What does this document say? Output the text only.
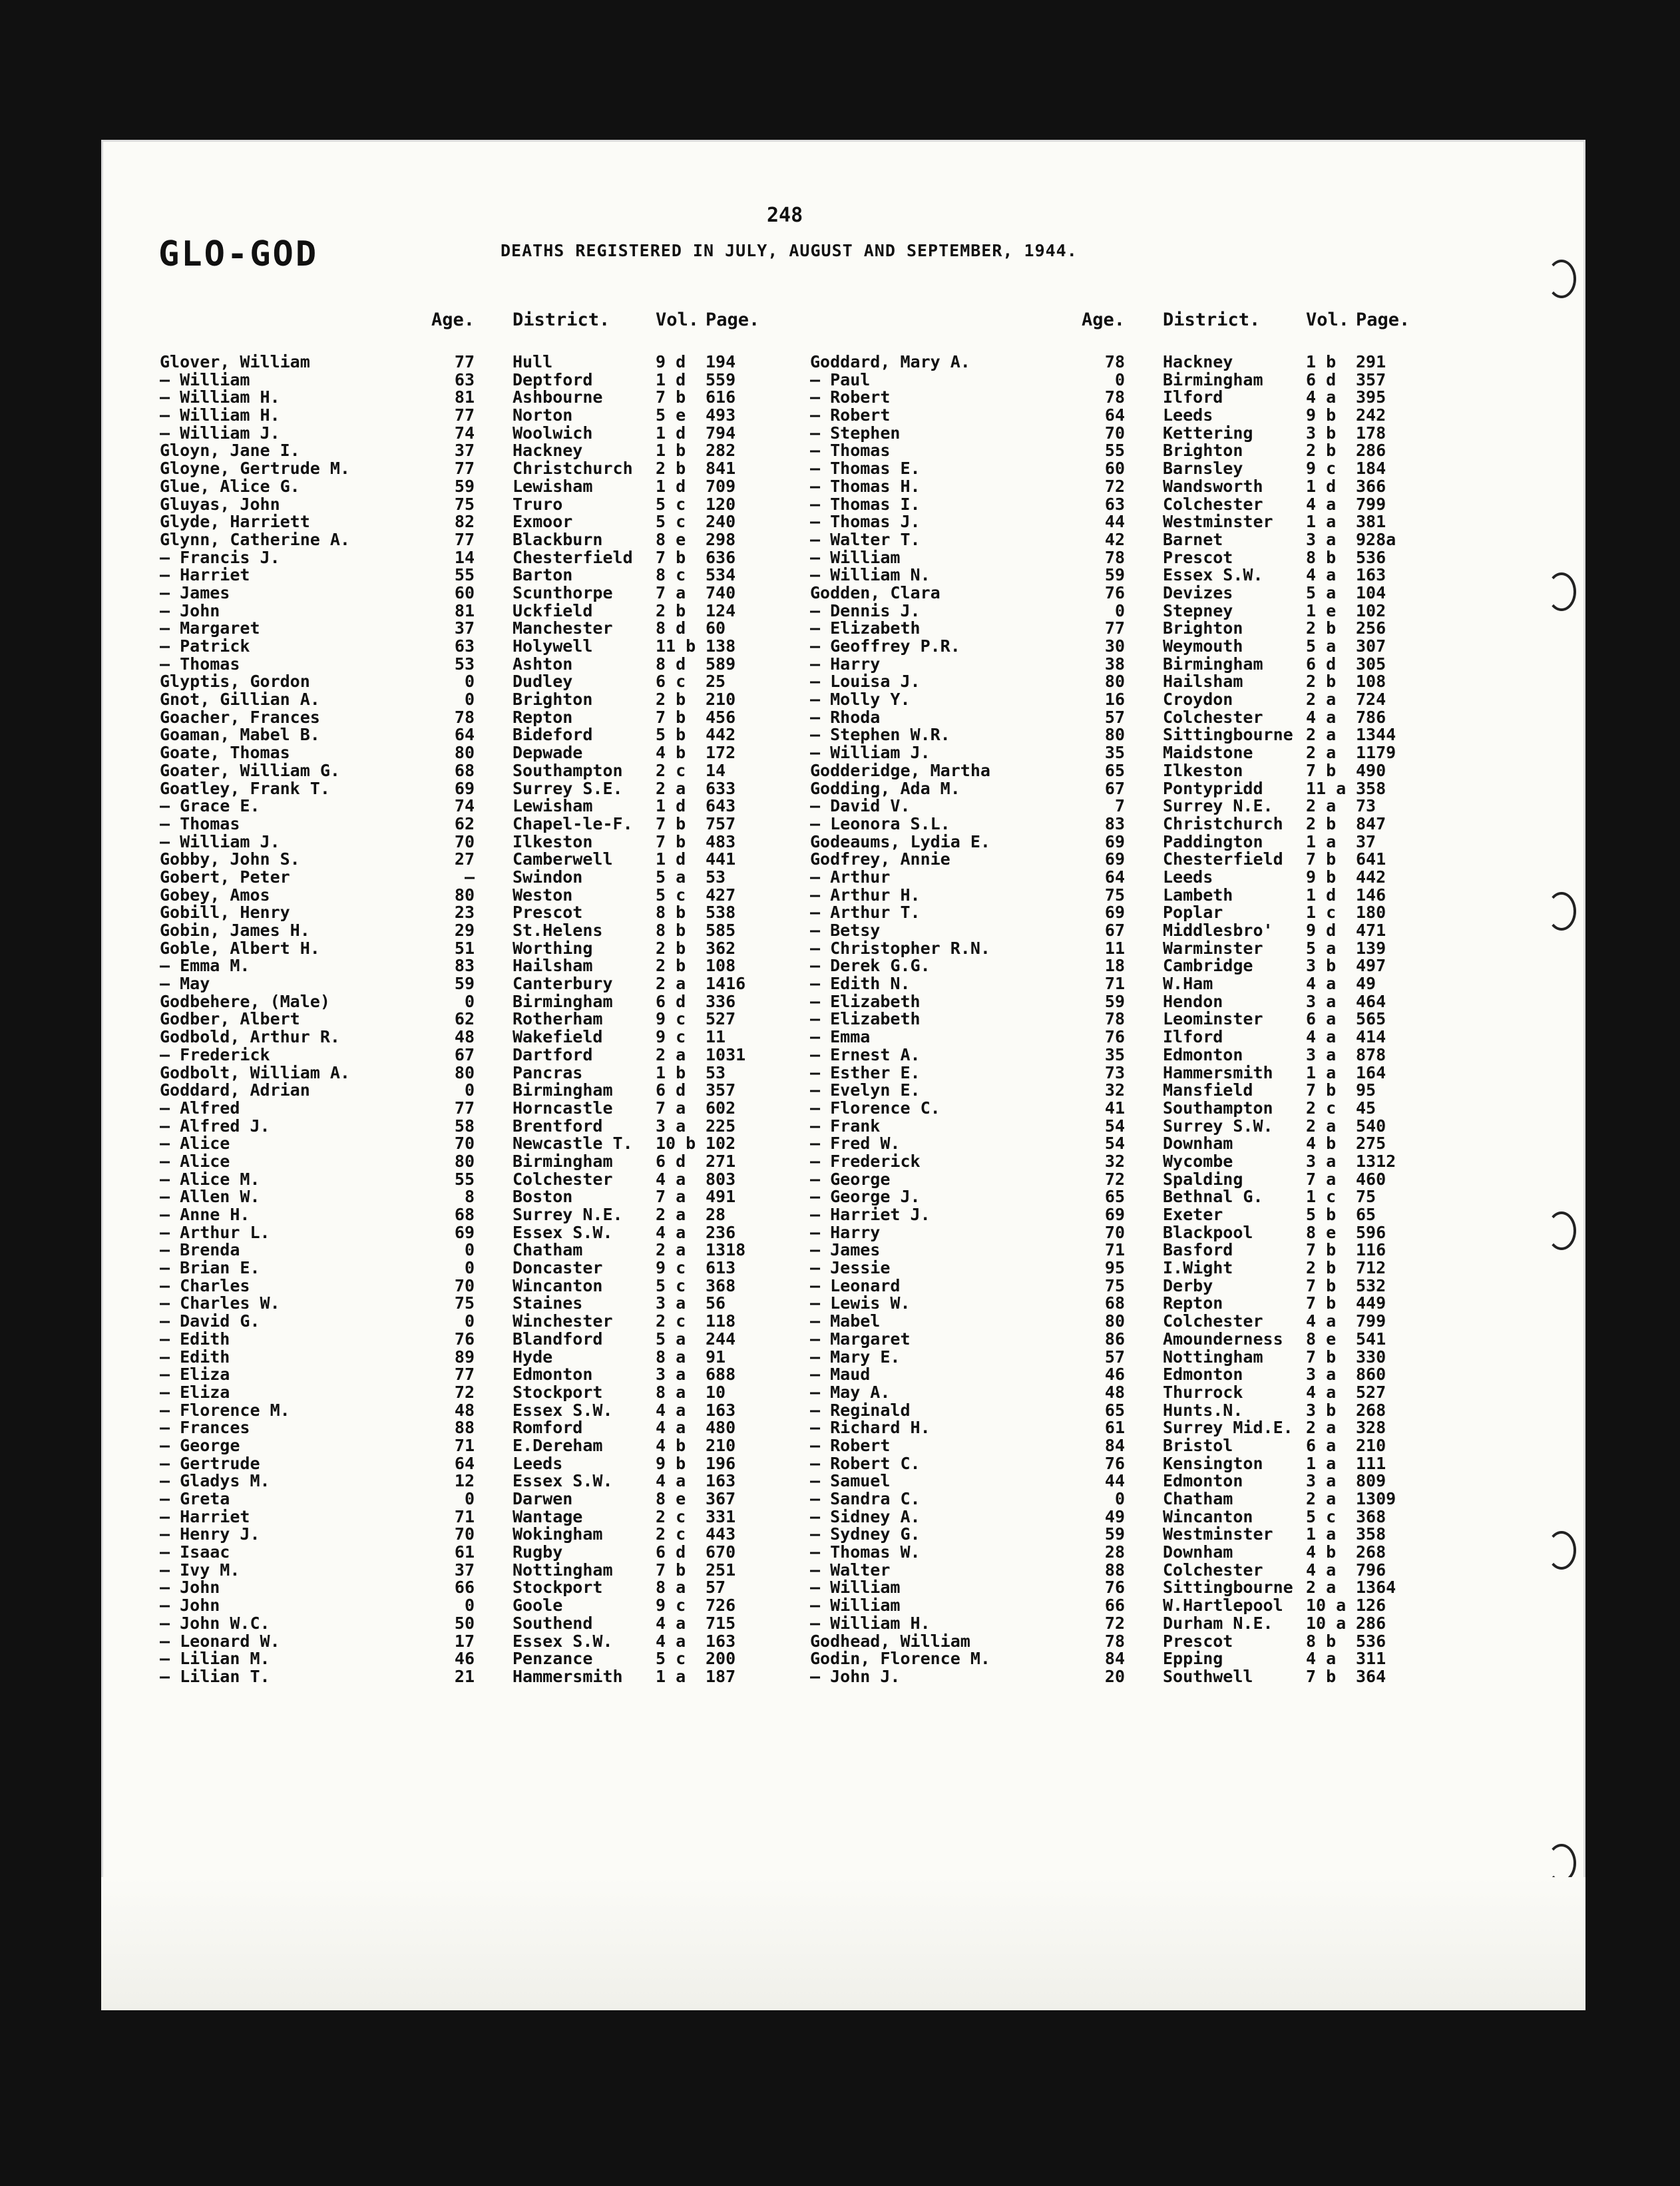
248
GLO-GOD	DEATHS REGISTERED IN JULY, AUGUST AND SEPTEMBER, 1944.
Age. District.	Vol. Page.
Glover, William	77 Hull	9 d	194
— William	63 Deptford	1 d	559
— William H.	81 Ashbourne	7 b	616
— William H.	77 Norton	5 e	493
— William J.	74 Woolwich	1 d	794
Gloyn, Jane I.	37 Hackney	1 b	282
Gloyne, Gertrude M.	77 Christchurch 2 b	841
Glue, Alice G.	59 Lewisham	1 d	709
Gluyas, John	75 Truro	5 c	120
Glyde, Harriett	82 Exmoor	5 c	240
Glynn, Catherine A.	77 Blackburn	8 e	298
— Francis J.	14 Chesterfield 7 b	636
— Harriet	55 Barton	8 c	534
— James	60 Scunthorpe	7 a	740
— John	81 Uckfield	2 b	124
— Margaret	37 Manchester	8 d	60
— Patrick	63 Holywell	11 b 138
— Thomas	53 Ashton	8 d	589
Glyptis, Gordon	0 Dudley	6 c	25
Gnot, Gillian A.	0 Brighton	2 b	210
Goacher, Frances	78 Repton	7 b	456
Goaman, Mabel B.	64 Bideford	5 b	442
Goate, Thomas	80 Depwade	4 b	172
Goater, William G.	68 Southampton 2 c	14
Goatley, Frank T.	69 Surrey S.E. 2 a	633
— Grace E.	74 Lewisham	1 d	643
— Thomas	62 Chapel-le-F. 7 b	757
— William J.	70 Ilkeston	7 b	483
Gobby, John S.	27 Camberwell	1 d	441
Gobert, Peter	— Swindon	5 a	53
Gobey, Amos	80 Weston	5 c	427
Gobill, Henry	23 Prescot	8 b	538
Gobin, James H.	29 St.Helens	8 b	585
Goble, Albert H.	51 Worthing	2 b	362
— Emma M.	83 Hailsham	2 b	108
— May	59 Canterbury	2 a	1416
Godbehere, (Male)	0 Birmingham	6 d	336
Godber, Albert	62 Rotherham	9 c	527
Godbold, Arthur R.	48 Wakefield	9 c	11
— Frederick	67 Dartford	2 a	1031
Godbolt, William A.	80 Pancras	1 b	53
Goddard, Adrian	0 Birmingham	6 d	357
— Alfred	77 Horncastle	7 a	602
— Alfred J.	58 Brentford	3 a	225
— Alice	70 Newcastle T. 10 b 102
— Alice	80 Birmingham	6 d	271
— Alice M.	55 Colchester	4 a	803
— Allen W.	8 Boston	7 a	491
— Anne H.	68 Surrey N.E. 2 a	28
— Arthur L.	69 Essex S.W.	4 a	236
— Brenda	0 Chatham	2 a	1318
— Brian E.	0 Doncaster	9 c	613
— Charles	70 Wincanton	5 c	368
— Charles W.	75 Staines	3 a	56
— David G.	0 Winchester	2 c	118
— Edith	76 Blandford	5 a	244
— Edith	89 Hyde	8 a	91
— Eliza	77 Edmonton	3 a	688
— Eliza	72 Stockport	8 a	10
— Florence M.	48 Essex S.W.	4 a	163
— Frances	88 Romford	4 a	480
— George	71 E.Dereham	4 b	210
— Gertrude	64 Leeds	9 b	196
— Gladys M.	12 Essex S.W.	4 a	163
— Greta	0 Darwen	8 e	367
— Harriet	71 Wantage	2 c	331
— Henry J.	70 Wokingham	2 c	443
— Isaac	61 Rugby	6 d	670
— Ivy M.	37 Nottingham	7 b	251
— John	66 Stockport	8 a	57
— John	0 Goole	9 c	726
— John W.C.	50 Southend	4 a	715
— Leonard W.	17 Essex S.W.	4 a	163
— Lilian M.	46 Penzance	5 c	200
— Lilian T.	21 Hammersmith 1 a	187
Age. District.	Vol. Page.
Goddard, Mary A.	78 Hackney	1 b	291
— Paul	0 Birmingham	6 d	357
— Robert	78 Ilford	4 a	395
— Robert	64 Leeds	9 b	242
— Stephen	70 Kettering	3 b	178
— Thomas	55 Brighton	2 b	286
— Thomas E.	60 Barnsley	9 c	184
— Thomas H.	72 Wandsworth	1 d	366
— Thomas I.	63 Colchester	4 a	799
— Thomas J.	44 Westminster 1 a	381
— Walter T.	42 Barnet	3 a	928a
— William	78 Prescot	8 b	536
— William N.	59 Essex S.W.	4 a	163
Godden, Clara	76 Devizes	5 a	104
— Dennis J.	0 Stepney	1 e	102
— Elizabeth	77 Brighton	2 b	256
— Geoffrey P.R.	30 Weymouth	5 a	307
— Harry	38 Birmingham	6 d	305
— Louisa J.	80 Hailsham	2 b	108
— Molly Y.	16 Croydon	2 a	724
— Rhoda	57 Colchester	4 a	786
— Stephen W.R.	80 Sittingbourne 2 a	1344
— William J.	35 Maidstone	2 a	1179
Godderidge, Martha	65 Ilkeston	7 b	490
Godding, Ada M.	67 Pontypridd	11 a 358
— David V.	7 Surrey N.E. 2 a	73
— Leonora S.L.	83 Christchurch 2 b	847
Godeaums, Lydia E.	69 Paddington	1 a	37
Godfrey, Annie	69 Chesterfield 7 b	641
— Arthur	64 Leeds	9 b	442
— Arthur H.	75 Lambeth	1 d	146
— Arthur T.	69 Poplar	1 c	180
— Betsy	67 Middlesbro' 9 d	471
— Christopher R.N.	11 Warminster	5 a	139
— Derek G.G.	18 Cambridge	3 b	497
— Edith N.	71 W.Ham	4 a	49
— Elizabeth	59 Hendon	3 a	464
— Elizabeth	78 Leominster	6 a	565
— Emma	76 Ilford	4 a	414
— Ernest A.	35 Edmonton	3 a	878
— Esther E.	73 Hammersmith 1 a	164
— Evelyn E.	32 Mansfield	7 b	95
— Florence C.	41 Southampton 2 c	45
— Frank	54 Surrey S.W. 2 a	540
— Fred W.	54 Downham	4 b	275
— Frederick	32 Wycombe	3 a	1312
— George	72 Spalding	7 a	460
— George J.	65 Bethnal G.	1 c	75
— Harriet J.	69 Exeter	5 b	65
— Harry	70 Blackpool	8 e	596
— James	71 Basford	7 b	116
— Jessie	95 I.Wight	2 b	712
— Leonard	75 Derby	7 b	532
— Lewis W.	68 Repton	7 b	449
— Mabel	80 Colchester	4 a	799
— Margaret	86 Amounderness 8 e	541
— Mary E.	57 Nottingham	7 b	330
— Maud	46 Edmonton	3 a	860
— May A.	48 Thurrock	4 a	527
— Reginald	65 Hunts.N.	3 b	268
— Richard H.	61 Surrey Mid.E. 2 a	328
— Robert	84 Bristol	6 a	210
— Robert C.	76 Kensington	1 a	111
— Samuel	44 Edmonton	3 a	809
— Sandra C.	0 Chatham	2 a	1309
— Sidney A.	49 Wincanton	5 c	368
— Sydney G.	59 Westminster 1 a	358
— Thomas W.	28 Downham	4 b	268
— Walter	88 Colchester	4 a	796
— William	76 Sittingbourne 2 a	1364
— William	66 W.Hartlepool 10 a 126
— William H.	72 Durham N.E. 10 a 286
Godhead, William	78 Prescot	8 b	536
Godin, Florence M.	84 Epping	4 a	311
— John J.	20 Southwell	7 b	364
